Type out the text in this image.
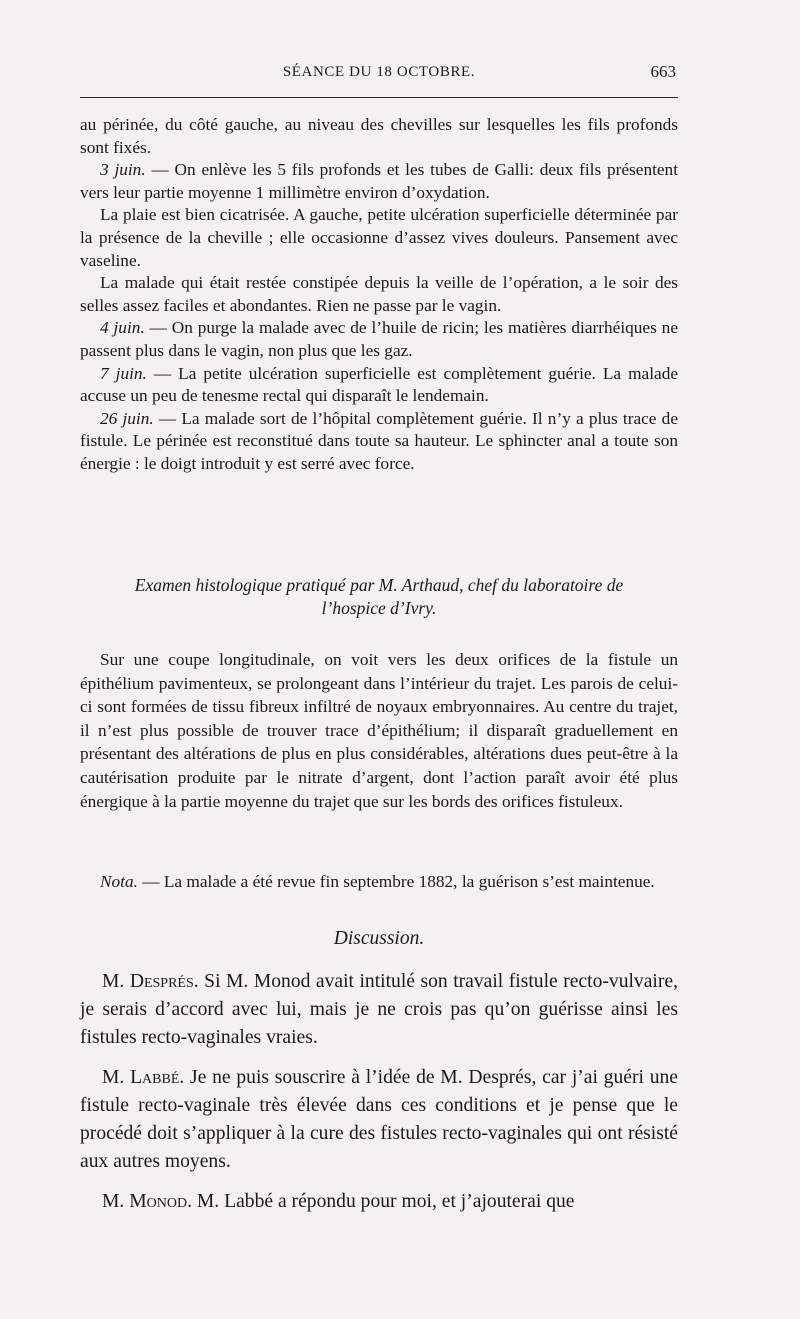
SÉANCE DU 18 OCTOBRE.	663

au périnée, du côté gauche, au niveau des chevilles sur lesquelles les fils profonds sont fixés.

3 juin. — On enlève les 5 fils profonds et les tubes de Galli: deux fils présentent vers leur partie moyenne 1 millimètre environ d’oxydation.

La plaie est bien cicatrisée. A gauche, petite ulcération superficielle déterminée par la présence de la cheville ; elle occasionne d’assez vives douleurs. Pansement avec vaseline.

La malade qui était restée constipée depuis la veille de l’opération, a le soir des selles assez faciles et abondantes. Rien ne passe par le vagin.

4 juin. — On purge la malade avec de l’huile de ricin; les matières diarrhéiques ne passent plus dans le vagin, non plus que les gaz.

7 juin. — La petite ulcération superficielle est complètement guérie. La malade accuse un peu de tenesme rectal qui disparaît le lendemain.

26 juin. — La malade sort de l’hôpital complètement guérie. Il n’y a plus trace de fistule. Le périnée est reconstitué dans toute sa hauteur. Le sphincter anal a toute son énergie : le doigt introduit y est serré avec force.

Examen histologique pratiqué par M. Arthaud, chef du laboratoire de
l’hospice d’Ivry.

Sur une coupe longitudinale, on voit vers les deux orifices de la fistule un épithélium pavimenteux, se prolongeant dans l’intérieur du trajet. Les parois de celui-ci sont formées de tissu fibreux infiltré de noyaux embryonnaires. Au centre du trajet, il n’est plus possible de trouver trace d’épithélium; il disparaît graduellement en présentant des altérations de plus en plus considérables, altérations dues peut-être à la cautérisation produite par le nitrate d’argent, dont l’action paraît avoir été plus énergique à la partie moyenne du trajet que sur les bords des orifices fistuleux.

Nota. — La malade a été revue fin septembre 1882, la guérison s’est maintenue.

Discussion.

M. Després. Si M. Monod avait intitulé son travail fistule recto-vulvaire, je serais d’accord avec lui, mais je ne crois pas qu’on guérisse ainsi les fistules recto-vaginales vraies.

M. Labbé. Je ne puis souscrire à l’idée de M. Després, car j’ai guéri une fistule recto-vaginale très élevée dans ces conditions et je pense que le procédé doit s’appliquer à la cure des fistules recto-vaginales qui ont résisté aux autres moyens.

M. Monod. M. Labbé a répondu pour moi, et j’ajouterai que
